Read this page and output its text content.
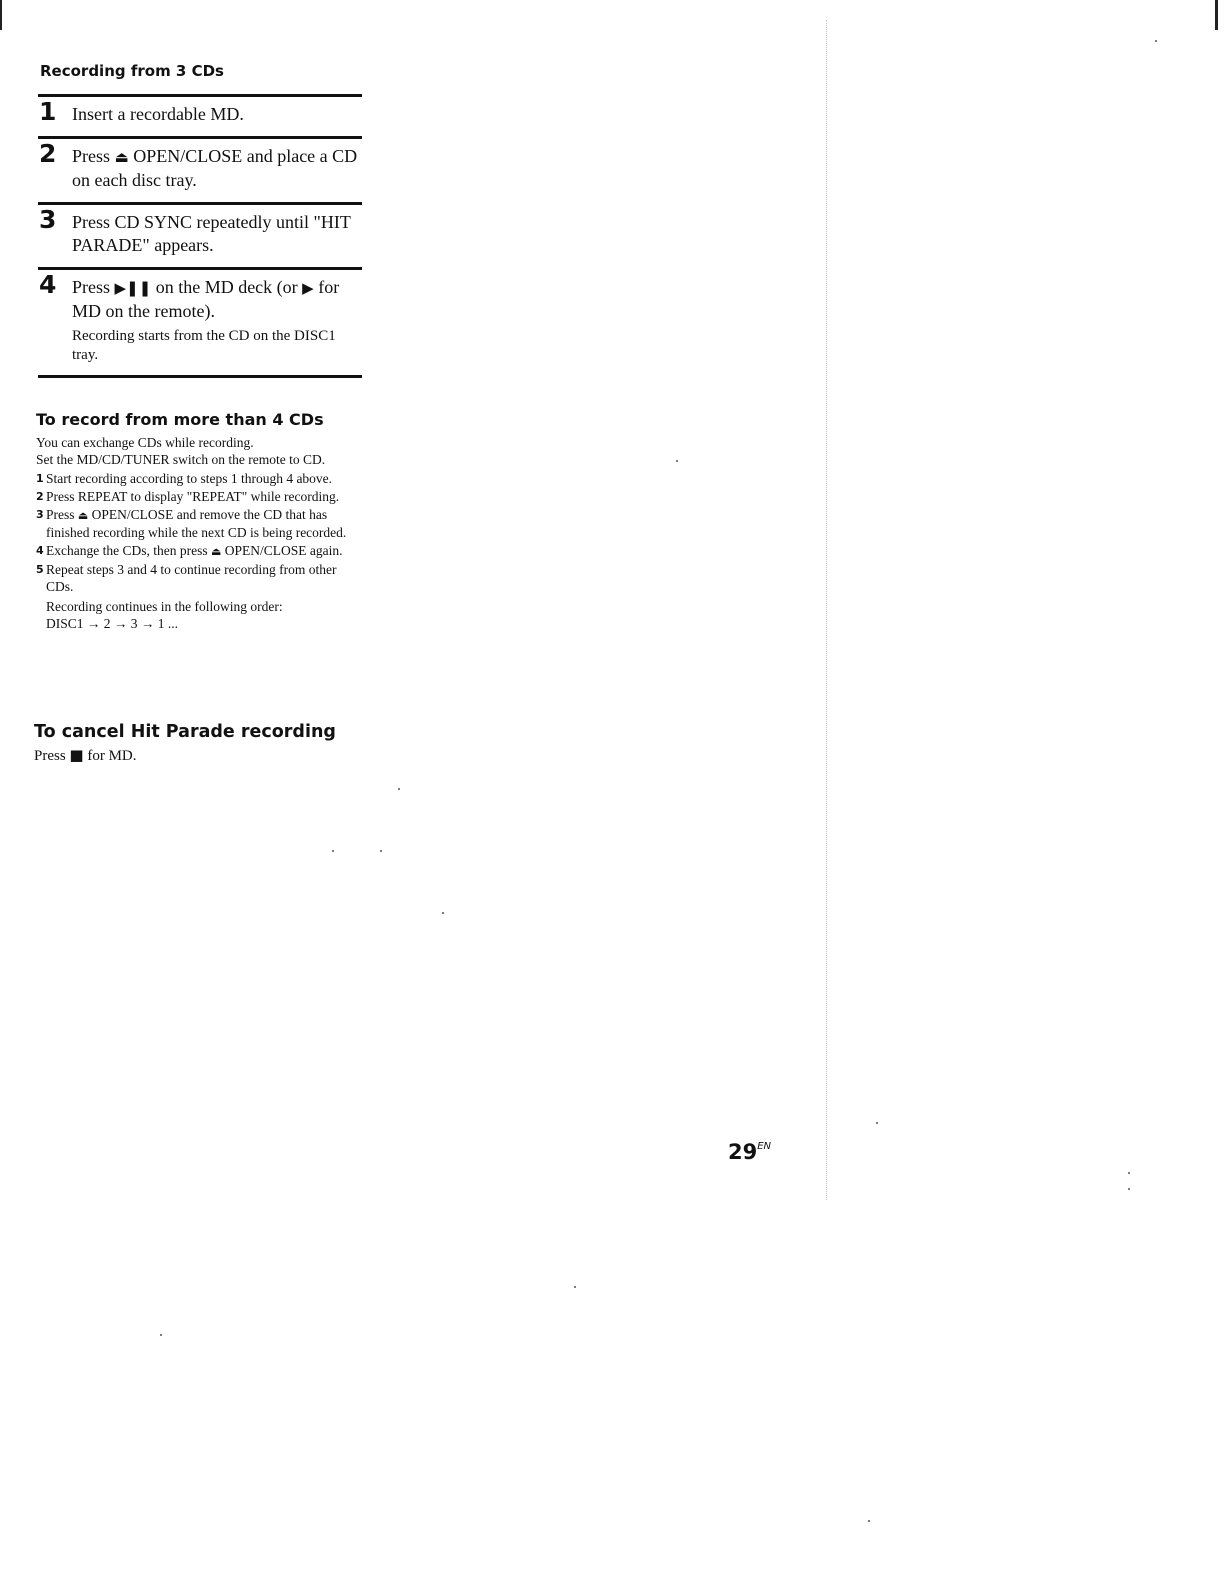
Recording from 3 CDs
1 Insert a recordable MD.
2 Press ⏏ OPEN/CLOSE and place a CD on each disc tray.
3 Press CD SYNC repeatedly until "HIT PARADE" appears.
4 Press ▶❚❚ on the MD deck (or ▶ for MD on the remote).
Recording starts from the CD on the DISC1 tray.
To record from more than 4 CDs

You can exchange CDs while recording.

Set the MD/CD/TUNER switch on the remote to CD.

1 Start recording according to steps 1 through 4 above.
2 Press REPEAT to display "REPEAT" while recording.
3 Press ⏏ OPEN/CLOSE and remove the CD that has finished recording while the next CD is being recorded.
4 Exchange the CDs, then press ⏏ OPEN/CLOSE again.
5 Repeat steps 3 and 4 to continue recording from other CDs.
Recording continues in the following order:
DISC1 → 2 → 3 → 1 ...
To cancel Hit Parade recording

Press ■ for MD.

$29^{EN}$
